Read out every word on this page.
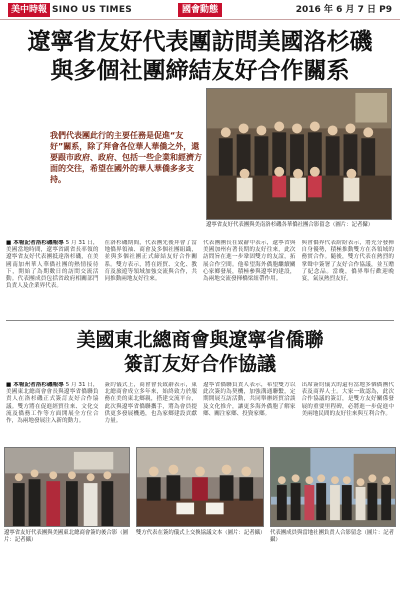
美中時報 SINO US TIMES	國會動態	2016 年 6 月 7 日 P9
遼寧省友好代表團訪問美國洛杉磯
與多個社團締結友好合作關系
我們代表團此行的主要任務是促進“友好”關系，除了拜會各位華人華僑之外，還要跟市政府、政府、包括一些企業和經濟方面的交往，希望在國外的華人華僑多多支持。
遼寧省友好代表團與美南洛杉磯各華僑社團合影留念（圖片：記者攝）
■ 本報記者洛杉磯報導 5 月 31 日，美國當地時間，遼寧省副省長率領的遼寧省友好代表團抵達洛杉磯，在美國南加州華人華僑社團的熱情接待下，開始了為期數日的訪問交流活動。代表團成員包括省政府相關部門負責人及企業界代表。
在洛杉磯期間，代表團先後拜會了當地僑界領袖、商會及多個社團組織，並與多個社團正式締結友好合作關系。雙方表示，將在經貿、文化、教育及旅遊等領域加強交流與合作，共同推動兩地友好往來。
代表團團長在致辭中表示，遼寧省與美國加州有著長期的友好往來，此次訪問旨在進一步鞏固雙方的友誼，拓展合作空間。他希望海外僑胞繼續關心家鄉發展，積極參與遼寧的建設，為兩地交流發揮橋梁紐帶作用。
與會僑界代表紛紛表示，將充分發揮自身優勢，積極推動雙方在各領域的務實合作。隨後，雙方代表在熱烈的掌聲中簽署了友好合作協議，並互贈了紀念品。當晚，僑界舉行歡迎晚宴，氣氛熱烈友好。
美國東北總商會與遼寧省僑聯
簽訂友好合作協議
■ 本報記者洛杉磯報導 5 月 31 日，美國東北總商會會長與遼寧省僑聯負責人在洛杉磯正式簽訂友好合作協議。雙方將在促進經貿往來、文化交流及僑務工作等方面開展全方位合作，為兩地發展注入新的動力。
簽約儀式上，商會會長致辭表示，東北總商會成立多年來，始終致力於服務在美的東北鄉親，搭建交流平台，此次與遼寧省僑聯攜手，將為會員提供更多發展機遇，也為家鄉建設貢獻力量。
遼寧省僑聯負責人表示，希望雙方以此次簽約為契機，加強溝通聯繫，定期開展互訪活動，共同舉辦經貿洽談及文化推介，讓更多海外僑胞了解家鄉、關注家鄉、投資家鄉。
出席簽約儀式的還有當地多個僑團代表及商界人士。大家一致認為，此次合作協議的簽訂，是雙方友好關係發展的重要里程碑，必將進一步促進中美兩地民間的友好往來與互利合作。
遼寧省友好代表團與美國東北總商會簽約後合影（圖片：記者攝）
雙方代表在簽約儀式上交換協議文本（圖片：記者攝） 代表團成員與當地社團負責人合影留念（圖片：記者攝）
